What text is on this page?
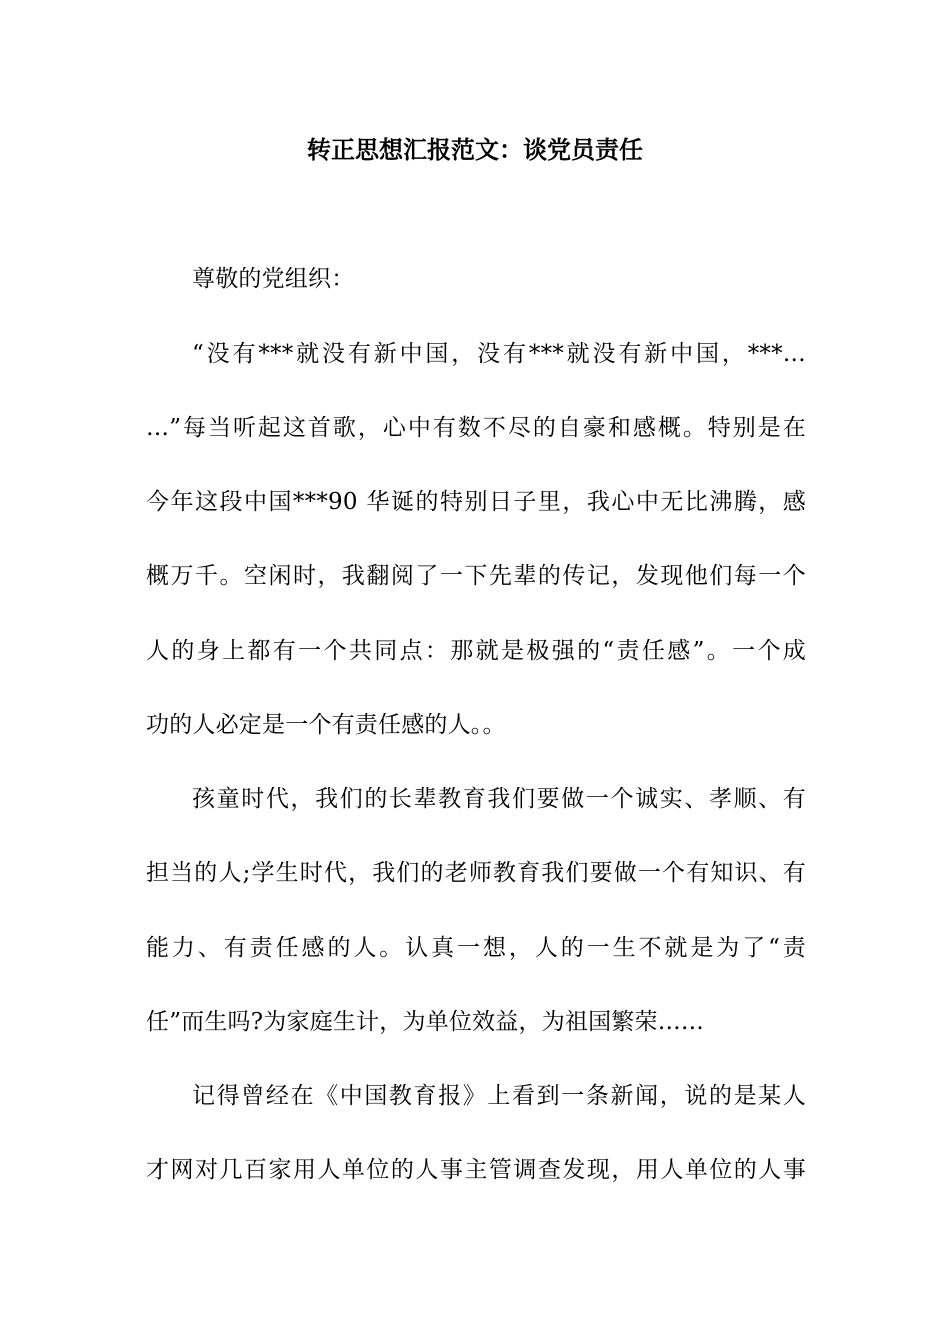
转正思想汇报范文：谈党员责任
尊敬的党组织：
“没有***就没有新中国，没有***就没有新中国，***…
…”每当听起这首歌，心中有数不尽的自豪和感概。特别是在
今年这段中国***90 华诞的特别日子里，我心中无比沸腾，感
概万千。空闲时，我翻阅了一下先辈的传记，发现他们每一个
人的身上都有一个共同点：那就是极强的“责任感”。一个成
功的人必定是一个有责任感的人。。
孩童时代，我们的长辈教育我们要做一个诚实、孝顺、有
担当的人;学生时代，我们的老师教育我们要做一个有知识、有
能力、有责任感的人。认真一想，人的一生不就是为了“责
任”而生吗?为家庭生计，为单位效益，为祖国繁荣……
记得曾经在《中国教育报》上看到一条新闻，说的是某人
才网对几百家用人单位的人事主管调查发现，用人单位的人事
